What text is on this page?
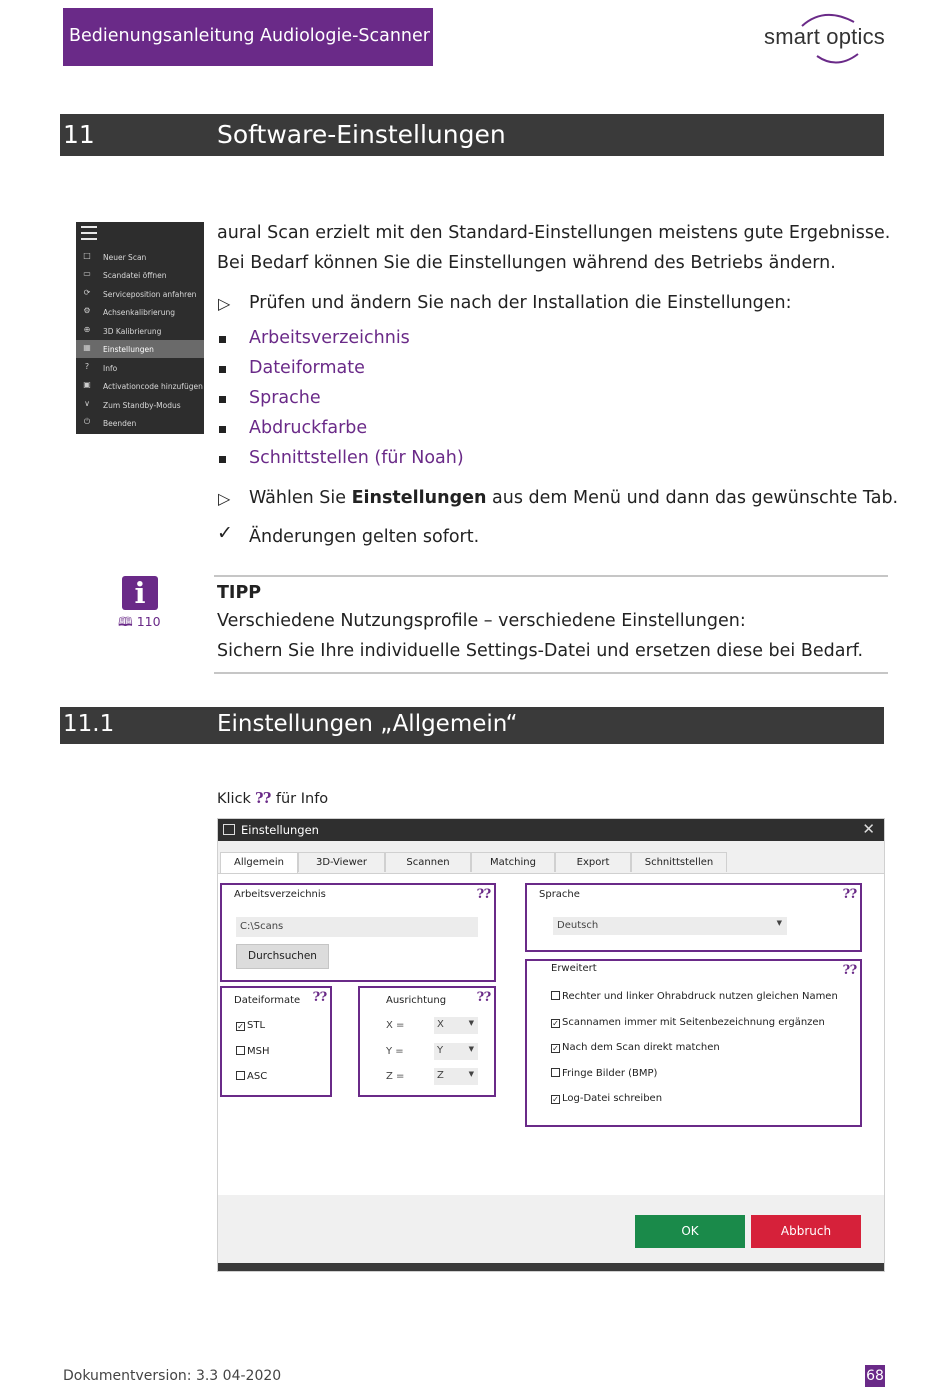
Bedienungsanleitung Audiologie-Scanner	smart optics
11	Software-Einstellungen
□ Neuer Scan
▭ Scandatei öffnen
⟳ Serviceposition anfahren
⚙ Achsenkalibrierung
⊕ 3D Kalibrierung
▦ Einstellungen
?	Info
▣ Activationcode hinzufügen
∨ Zum Standby-Modus
⏻ Beenden
aural Scan erzielt mit den Standard-Einstellungen meistens gute Ergebnisse.
Bei Bedarf können Sie die Einstellungen während des Betriebs ändern.
▷ Prüfen und ändern Sie nach der Installation die Einstellungen:
Arbeitsverzeichnis
Dateiformate
Sprache
Abdruckfarbe
Schnittstellen (für Noah)
▷ Wählen Sie Einstellungen aus dem Menü und dann das gewünschte Tab.
✓ Änderungen gelten sofort.
i
🕮 110
TIPP
Verschiedene Nutzungsprofile – verschiedene Einstellungen:
Sichern Sie Ihre individuelle Settings-Datei und ersetzen diese bei Bedarf.
11.1	Einstellungen „Allgemein“
Klick ⁇ für Info
Einstellungen	✕
Allgemein	3D-Viewer	Scannen	Matching	Export	Schnittstellen
Arbeitsverzeichnis	⁇
C:\Scans
Durchsuchen
Sprache	⁇
Deutsch	▼
Dateiformate ⁇
✓ STL
MSH
ASC
Ausrichtung ⁇
X =	X	▼
Y =	Y	▼
Z =	Z	▼
Erweitert	⁇
Rechter und linker Ohrabdruck nutzen gleichen Namen
✓ Scannamen immer mit Seitenbezeichnung ergänzen
✓ Nach dem Scan direkt matchen
Fringe Bilder (BMP)
✓ Log-Datei schreiben
OK	Abbruch
Dokumentversion: 3.3 04-2020	68
